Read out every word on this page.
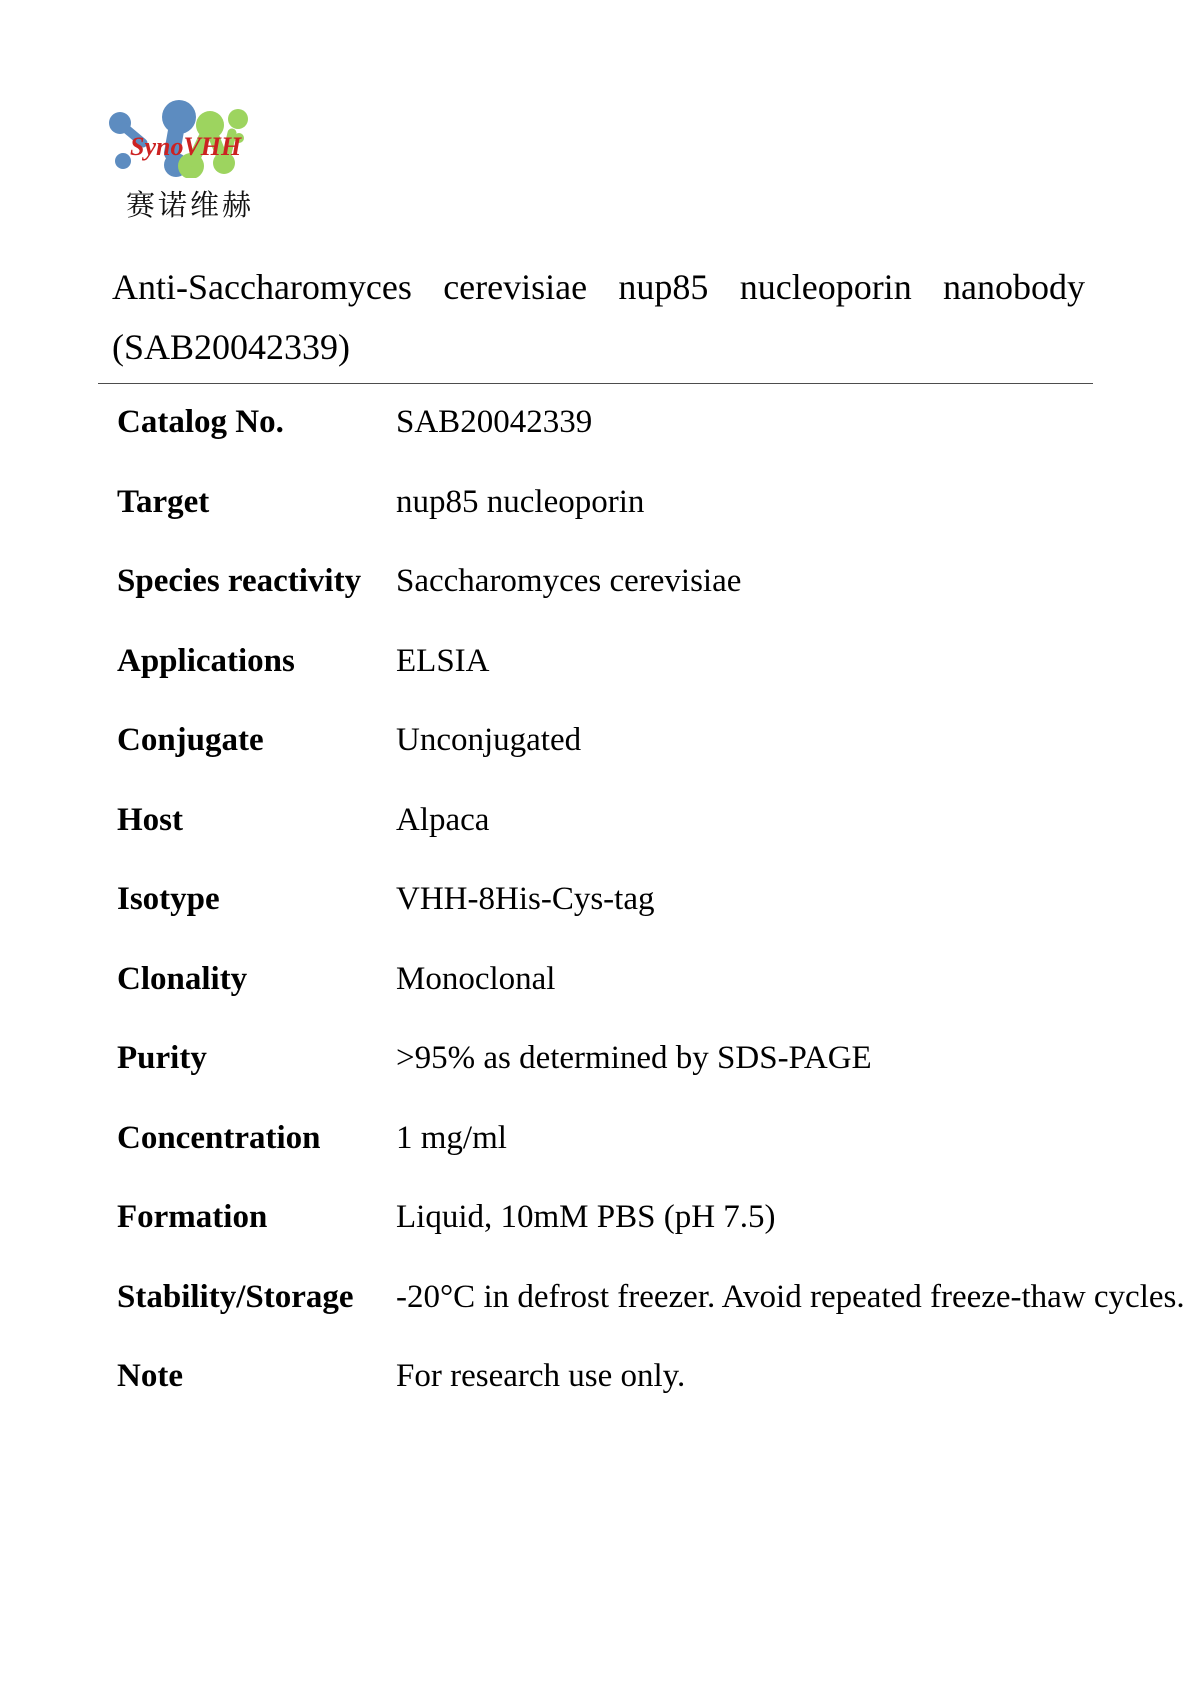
SynoVHH
赛诺维赫
Anti-Saccharomyces cerevisiae nup85 nucleoporin nanobody
(SAB20042339)
Catalog No.	SAB20042339
Target	nup85 nucleoporin
Species reactivity	Saccharomyces cerevisiae
Applications	ELSIA
Conjugate	Unconjugated
Host	Alpaca
Isotype	VHH-8His-Cys-tag
Clonality	Monoclonal
Purity	>95% as determined by SDS-PAGE
Concentration	1 mg/ml
Formation	Liquid, 10mM PBS (pH 7.5)
Stability/Storage	-20°C in defrost freezer. Avoid repeated freeze-thaw cycles.
Note	For research use only.
